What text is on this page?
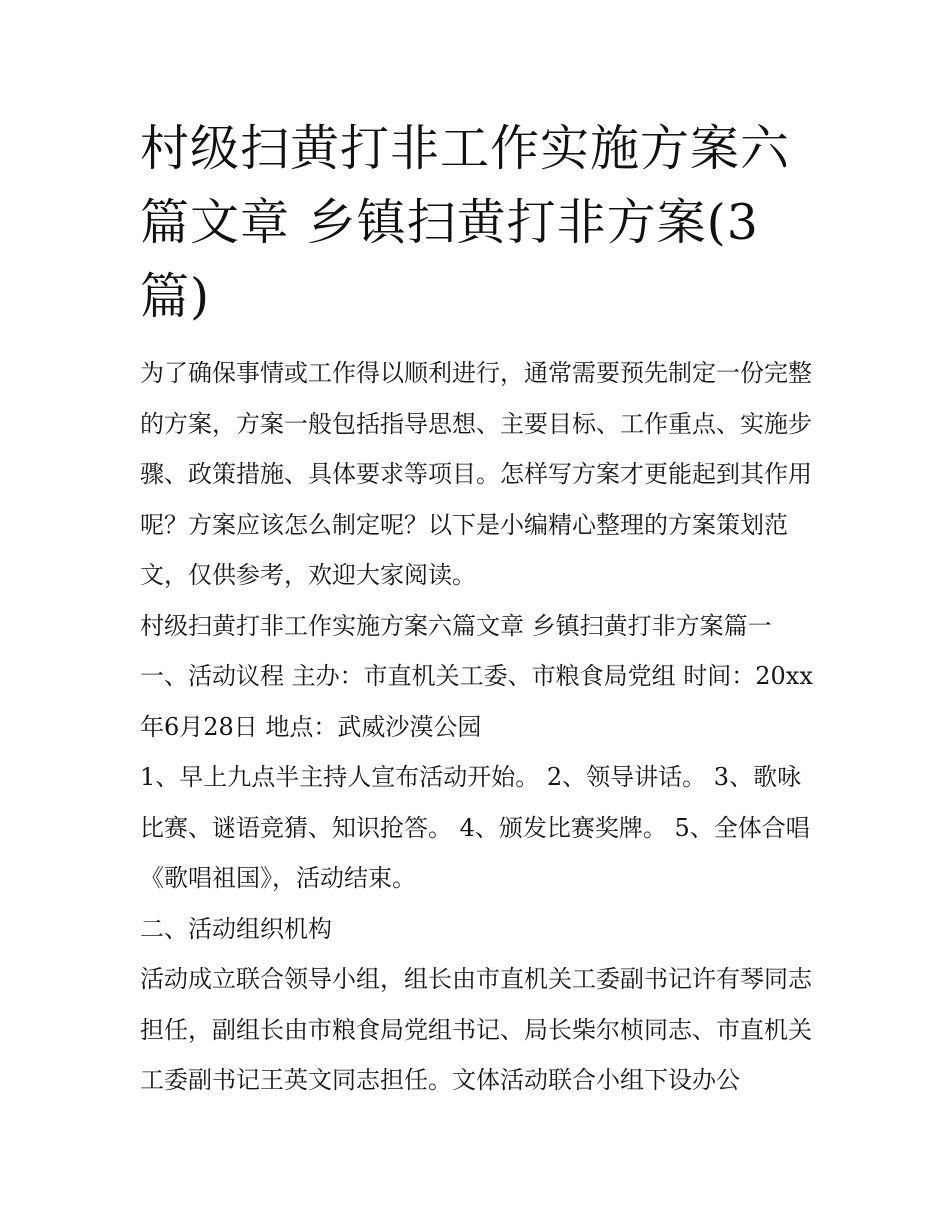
村级扫黄打非工作实施方案六篇文章 乡镇扫黄打非方案(3篇)

为了确保事情或工作得以顺利进行，通常需要预先制定一份完整的方案，方案一般包括指导思想、主要目标、工作重点、实施步骤、政策措施、具体要求等项目。怎样写方案才更能起到其作用呢？方案应该怎么制定呢？以下是小编精心整理的方案策划范文，仅供参考，欢迎大家阅读。

村级扫黄打非工作实施方案六篇文章 乡镇扫黄打非方案篇一

一、活动议程 主办：市直机关工委、市粮食局党组 时间：20xx年6月28日 地点：武威沙漠公园

1、早上九点半主持人宣布活动开始。 2、领导讲话。 3、歌咏比赛、谜语竞猜、知识抢答。 4、颁发比赛奖牌。 5、全体合唱《歌唱祖国》，活动结束。

二、活动组织机构

活动成立联合领导小组，组长由市直机关工委副书记许有琴同志担任，副组长由市粮食局党组书记、局长柴尔桢同志、市直机关工委副书记王英文同志担任。文体活动联合小组下设办公
